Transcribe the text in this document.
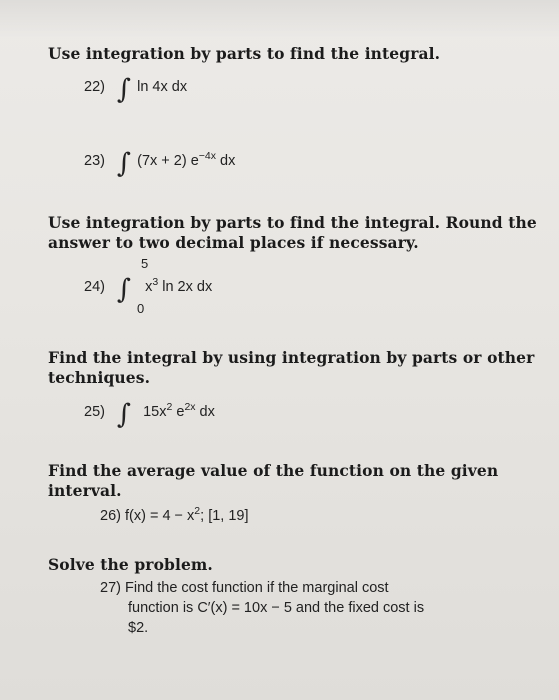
Use integration by parts to find the integral.
22) ∫ ln 4x dx
23) ∫ (7x + 2) $e^{-4x}$ dx
Use integration by parts to find the integral. Round the
answer to two decimal places if necessary.
5
0
24) ∫ $x^3$ ln 2x dx
Find the integral by using integration by parts or other
techniques.
25) ∫ $15x^2$ $e^{2x}$ dx
Find the average value of the function on the given
interval.
26) $f(x) = 4 - x^2$; [1, 19]
Solve the problem.
27) Find the cost function if the marginal cost
function is C′(x) = 10x − 5 and the fixed cost is
$2.
